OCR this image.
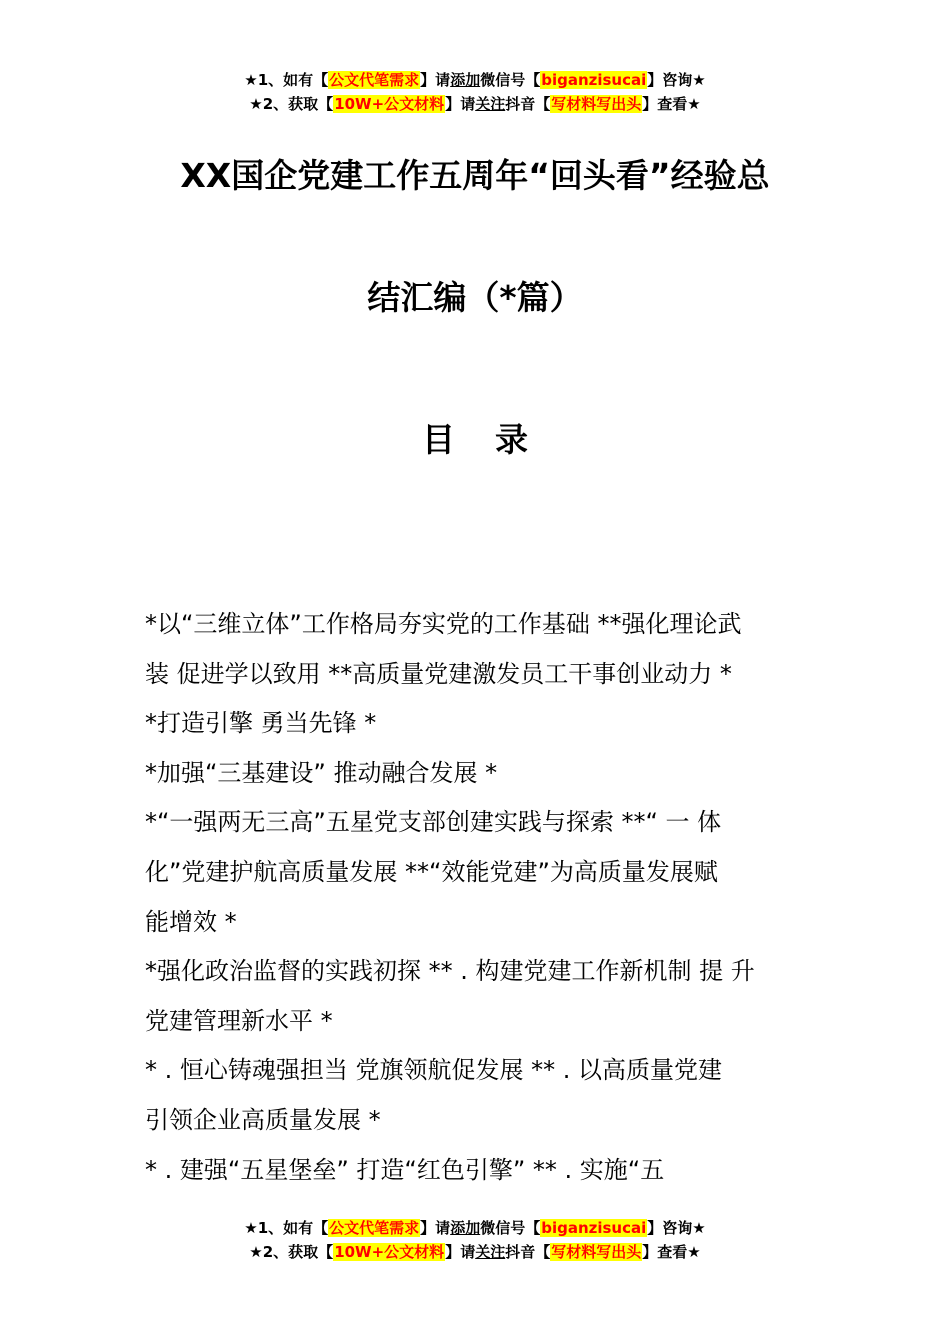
★1、如有【公文代笔需求】请添加微信号【biganzisucai】咨询★
★2、获取【10W+公文材料】请关注抖音【写材料写出头】查看★
XX国企党建工作五周年“回头看”经验总
结汇编（*篇）
目录

*以“三维立体”工作格局夯实党的工作基础 **强化理论武

装 促进学以致用 **高质量党建激发员工干事创业动力 *

*打造引擎 勇当先锋 *

*加强“三基建设” 推动融合发展 *

*“一强两无三高”五星党支部创建实践与探索 **“ 一 体

化”党建护航高质量发展 **“效能党建”为高质量发展赋

能增效 *

*强化政治监督的实践初探 ** . 构建党建工作新机制 提 升

党建管理新水平 *

* . 恒心铸魂强担当 党旗领航促发展 ** . 以高质量党建

引领企业高质量发展 *

* . 建强“五星堡垒” 打造“红色引擎” ** . 实施“五

★1、如有【公文代笔需求】请添加微信号【biganzisucai】咨询★
★2、获取【10W+公文材料】请关注抖音【写材料写出头】查看★
